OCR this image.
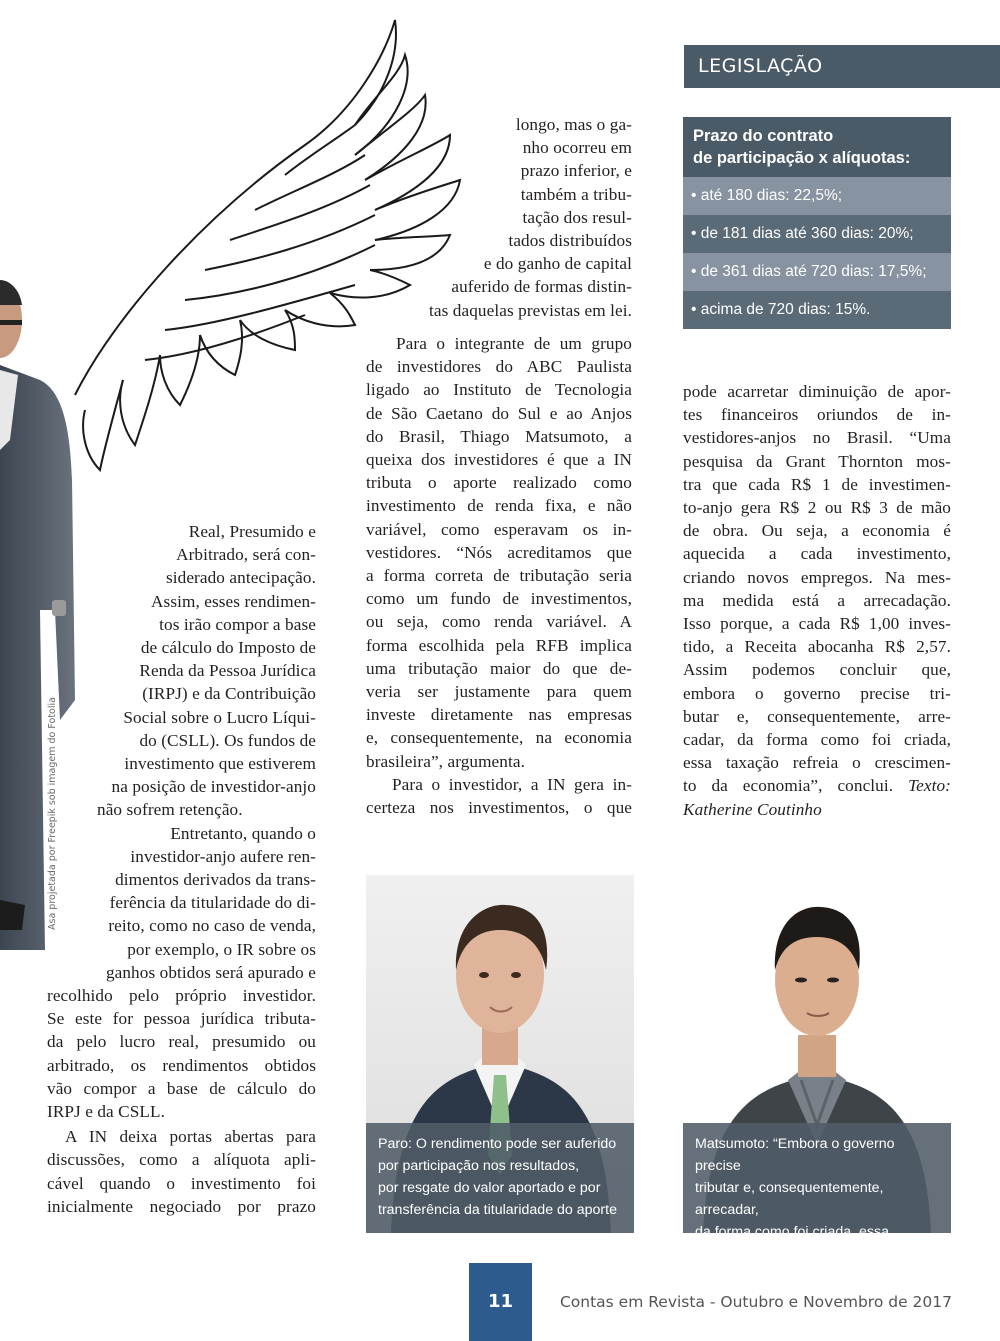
LEGISLAÇÃO
Asa projetada por Freepik sob imagem do Fotolia

Real, Presumido e

Arbitrado, será con-

siderado antecipação.

Assim, esses rendimen-

tos irão compor a base

de cálculo do Imposto de

Renda da Pessoa Jurídica

(IRPJ) e da Contribuição

Social sobre o Lucro Líqui-

do (CSLL). Os fundos de

investimento que estiverem

na posição de investidor-anjo

não sofrem retenção.

Entretanto, quando o

investidor-anjo aufere ren-

dimentos derivados da trans-

ferência da titularidade do di-

reito, como no caso de venda,

por exemplo, o IR sobre os

ganhos obtidos será apurado e

recolhido pelo próprio investidor.

Se este for pessoa jurídica tributa-

da pelo lucro real, presumido ou

arbitrado, os rendimentos obtidos

vão compor a base de cálculo do

IRPJ e da CSLL.

A IN deixa portas abertas para

discussões, como a alíquota apli-

cável quando o investimento foi

inicialmente negociado por prazo

longo, mas o ga-

nho ocorreu em

prazo inferior, e

também a tribu-

tação dos resul-

tados distribuídos

e do ganho de capital

auferido de formas distin-

tas daquelas previstas em lei.

Para o integrante de um grupo

de investidores do ABC Paulista

ligado ao Instituto de Tecnologia

de São Caetano do Sul e ao Anjos

do Brasil, Thiago Matsumoto, a

queixa dos investidores é que a IN

tributa o aporte realizado como

investimento de renda fixa, e não

variável, como esperavam os in-

vestidores. “Nós acreditamos que

a forma correta de tributação seria

como um fundo de investimentos,

ou seja, como renda variável. A

forma escolhida pela RFB implica

uma tributação maior do que de-

veria ser justamente para quem

investe diretamente nas empresas

e, consequentemente, na economia

brasileira”, argumenta.

Para o investidor, a IN gera in-

certeza nos investimentos, o que

Prazo do contrato
de participação x alíquotas:
• até 180 dias: 22,5%;
• de 181 dias até 360 dias: 20%;
• de 361 dias até 720 dias: 17,5%;
• acima de 720 dias: 15%.

pode acarretar diminuição de apor-

tes financeiros oriundos de in-

vestidores-anjos no Brasil. “Uma

pesquisa da Grant Thornton mos-

tra que cada R$ 1 de investimen-

to-anjo gera R$ 2 ou R$ 3 de mão

de obra. Ou seja, a economia é

aquecida a cada investimento,

criando novos empregos. Na mes-

ma medida está a arrecadação.

Isso porque, a cada R$ 1,00 inves-

tido, a Receita abocanha R$ 2,57.

Assim podemos concluir que,

embora o governo precise tri-

butar e, consequentemente, arre-

cadar, da forma como foi criada,

essa taxação refreia o crescimen-

to da economia”, conclui. Texto:

Katherine Coutinho

Paro: O rendimento pode ser auferido
por participação nos resultados,
por resgate do valor aportado e por
transferência da titularidade do aporte
Matsumoto: “Embora o governo precise
tributar e, consequentemente, arrecadar,
da forma como foi criada, essa taxação
refreia o crescimento da economia”
11	Contas em Revista - Outubro e Novembro de 2017
